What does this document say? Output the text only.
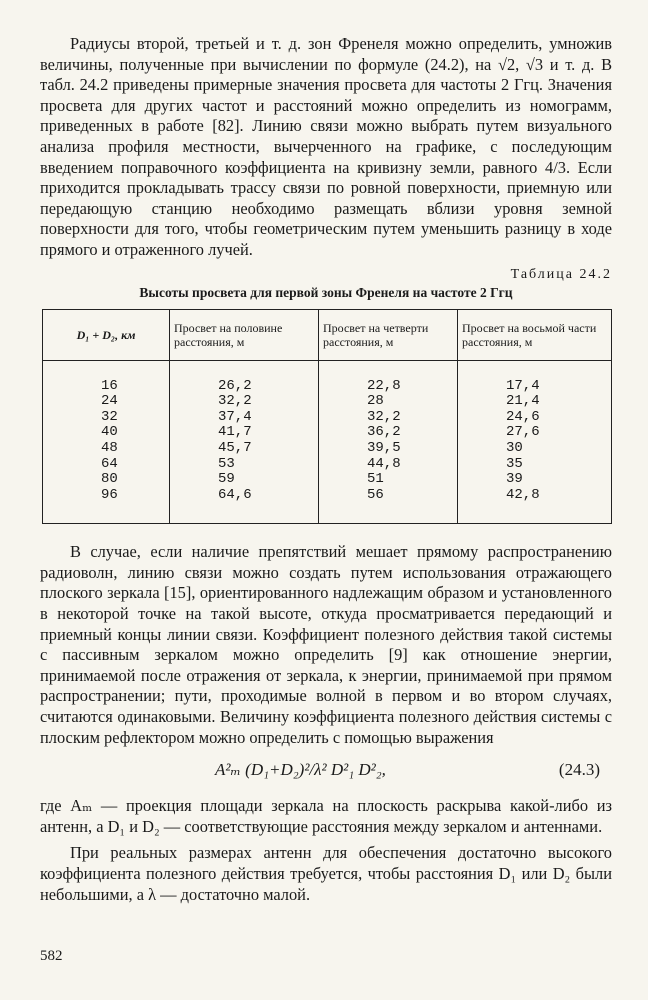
Радиусы второй, третьей и т. д. зон Френеля можно определить, умножив величины, полученные при вычислении по формуле (24.2), на √2, √3 и т. д. В табл. 24.2 приведены примерные значения просвета для частоты 2 Ггц. Значения просвета для других частот и расстояний можно определить из номограмм, приведенных в работе [82]. Линию связи можно выбрать путем визуального анализа профиля местности, вычерченного на графике, с последующим введением поправочного коэффициента на кривизну земли, равного 4/3. Если приходится прокладывать трассу связи по ровной поверхности, приемную или передающую станцию необходимо размещать вблизи уровня земной поверхности для того, чтобы геометрическим путем уменьшить разницу в ходе прямого и отраженного лучей.

Таблица 24.2
Высоты просвета для первой зоны Френеля на частоте 2 Ггц
D₁ + D₂, км	Просвет на половине расстояния, м	Просвет на четверти расстояния, м	Просвет на восьмой части расстояния, м
16	26,2	22,8	17,4
24	32,2	28	21,4
32	37,4	32,2	24,6
40	41,7	36,2	27,6
48	45,7	39,5	30
64	53	44,8	35
80	59	51	39
96	64,6	56	42,8

В случае, если наличие препятствий мешает прямому распространению радиоволн, линию связи можно создать путем использования отражающего плоского зеркала [15], ориентированного надлежащим образом и установленного в некоторой точке на такой высоте, откуда просматривается передающий и приемный концы линии связи. Коэффициент полезного действия такой системы с пассивным зеркалом можно определить [9] как отношение энергии, принимаемой после отражения от зеркала, к энергии, принимаемой при прямом распространении; пути, проходимые волной в первом и во втором случаях, считаются одинаковыми. Величину коэффициента полезного действия системы с плоским рефлектором можно определить с помощью выражения

A²ₘ (D₁+D₂)²/λ² D²₁ D²₂,	(24.3)

где Aₘ — проекция площади зеркала на плоскость раскрыва какой-либо из антенн, а D₁ и D₂ — соответствующие расстояния между зеркалом и антеннами.

При реальных размерах антенн для обеспечения достаточно высокого коэффициента полезного действия требуется, чтобы расстояния D₁ или D₂ были небольшими, а λ — достаточно малой.

582
